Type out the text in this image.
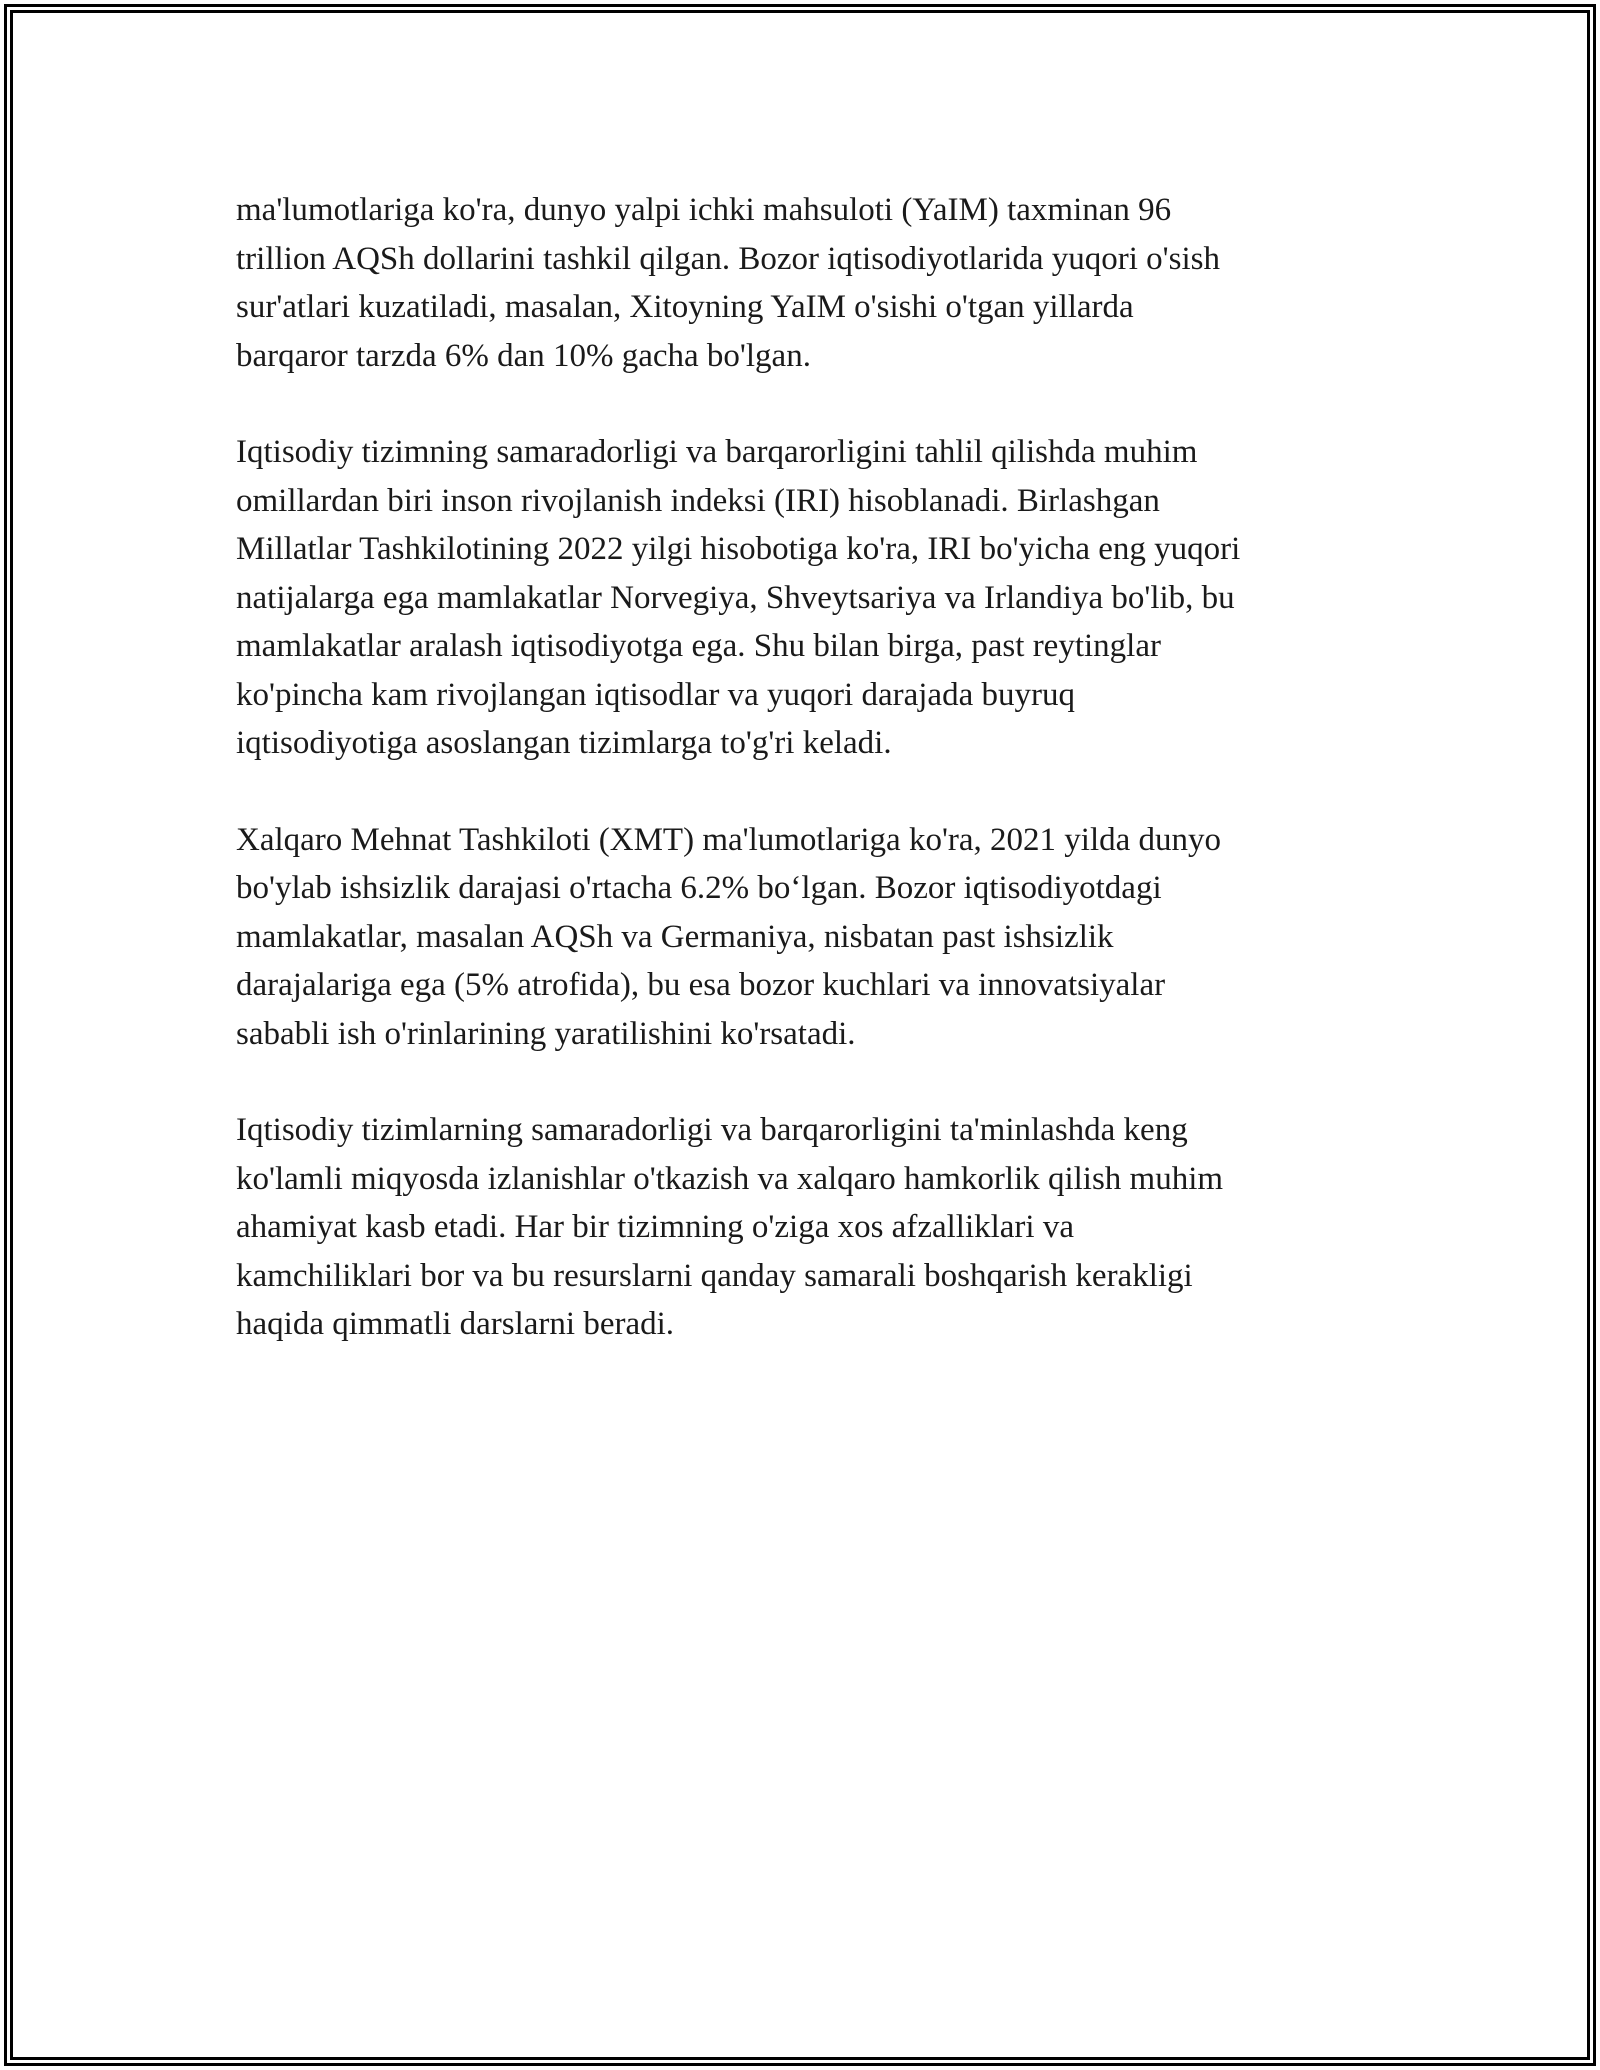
ma'lumotlariga ko'ra, dunyo yalpi ichki mahsuloti (YaIM) taxminan 96
trillion AQSh dollarini tashkil qilgan. Bozor iqtisodiyotlarida yuqori o'sish
sur'atlari kuzatiladi, masalan, Xitoyning YaIM o'sishi o'tgan yillarda
barqaror tarzda 6% dan 10% gacha bo'lgan.

Iqtisodiy tizimning samaradorligi va barqarorligini tahlil qilishda muhim
omillardan biri inson rivojlanish indeksi (IRI) hisoblanadi. Birlashgan
Millatlar Tashkilotining 2022 yilgi hisobotiga ko'ra, IRI bo'yicha eng yuqori
natijalarga ega mamlakatlar Norvegiya, Shveytsariya va Irlandiya bo'lib, bu
mamlakatlar aralash iqtisodiyotga ega. Shu bilan birga, past reytinglar
ko'pincha kam rivojlangan iqtisodlar va yuqori darajada buyruq
iqtisodiyotiga asoslangan tizimlarga to'g'ri keladi.

Xalqaro Mehnat Tashkiloti (XMT) ma'lumotlariga ko'ra, 2021 yilda dunyo
bo'ylab ishsizlik darajasi o'rtacha 6.2% bo‘lgan. Bozor iqtisodiyotdagi
mamlakatlar, masalan AQSh va Germaniya, nisbatan past ishsizlik
darajalariga ega (5% atrofida), bu esa bozor kuchlari va innovatsiyalar
sababli ish o'rinlarining yaratilishini ko'rsatadi.

Iqtisodiy tizimlarning samaradorligi va barqarorligini ta'minlashda keng
ko'lamli miqyosda izlanishlar o'tkazish va xalqaro hamkorlik qilish muhim
ahamiyat kasb etadi. Har bir tizimning o'ziga xos afzalliklari va
kamchiliklari bor va bu resurslarni qanday samarali boshqarish kerakligi
haqida qimmatli darslarni beradi.
